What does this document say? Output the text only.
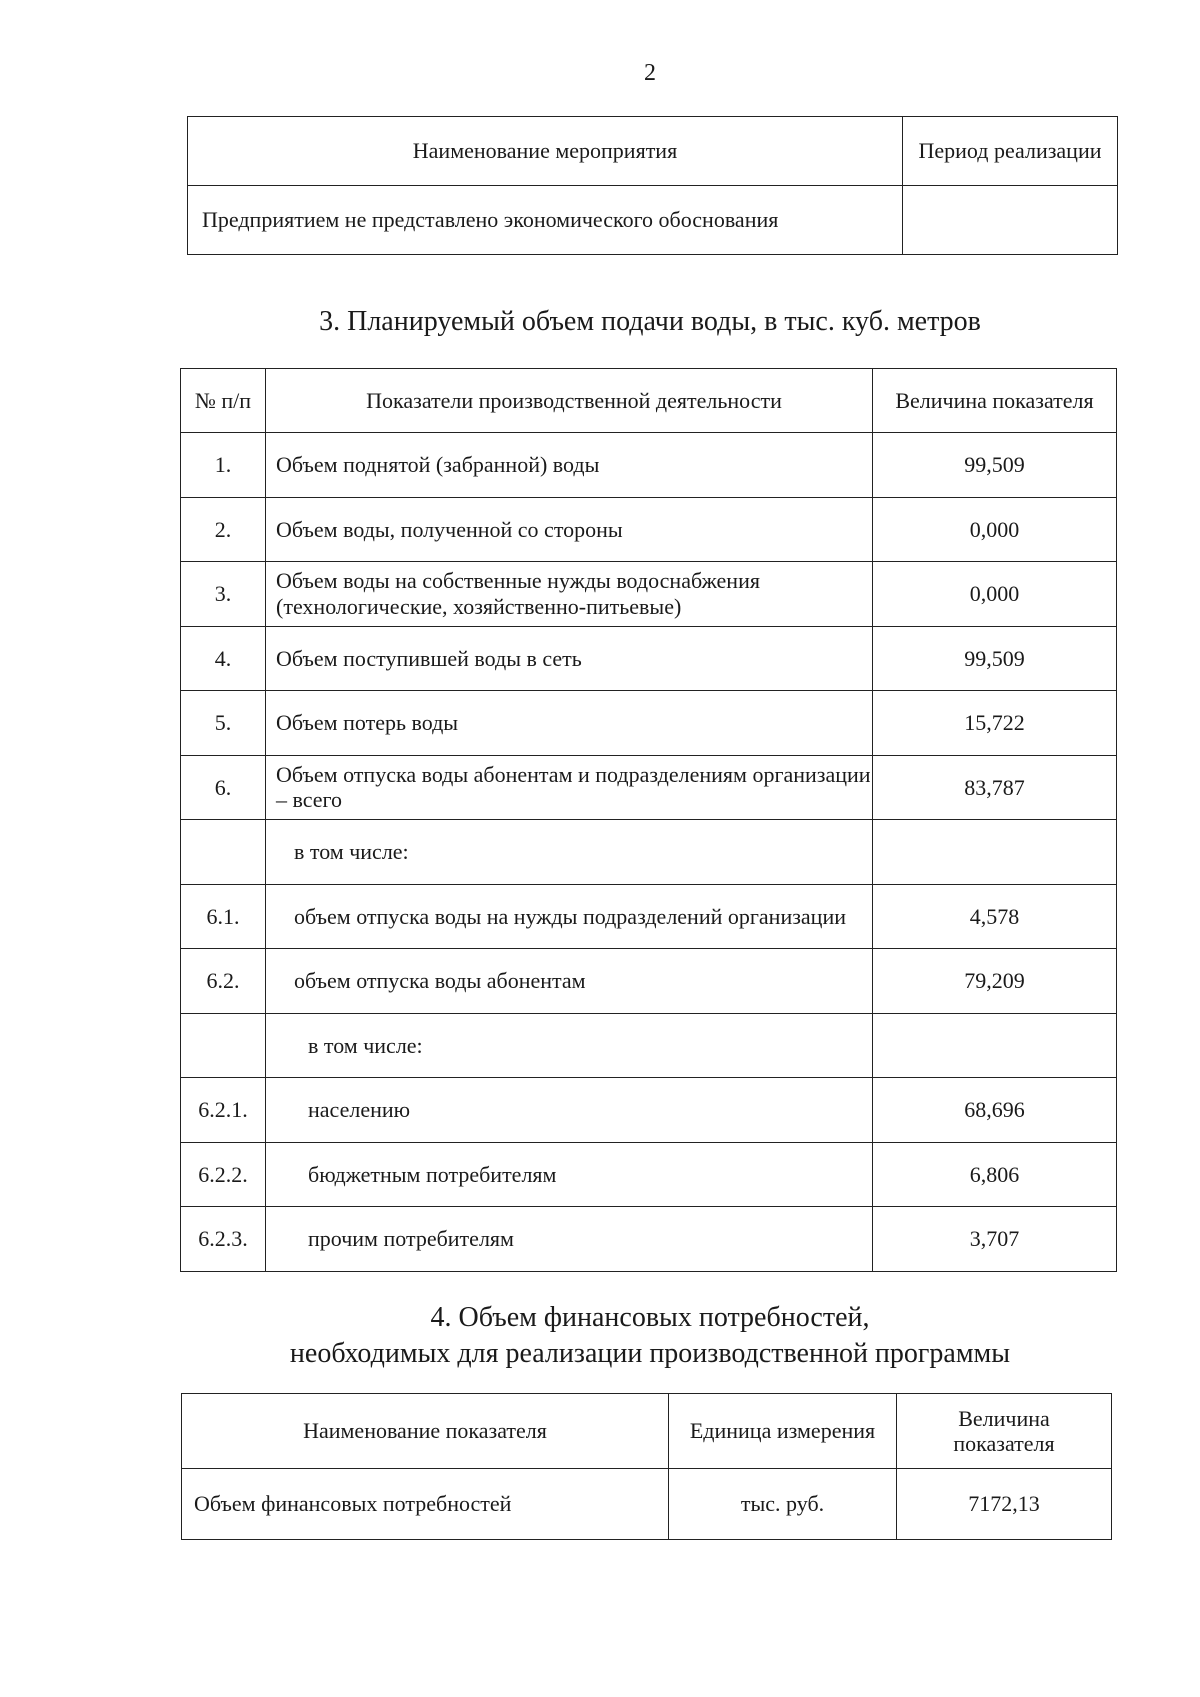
2
Наименование мероприятия	Период реализации
Предприятием не представлено экономического обоснования	
3. Планируемый объем подачи воды, в тыс. куб. метров
№ п/п	Показатели производственной деятельности	Величина показателя
1.	Объем поднятой (забранной) воды	99,509
2.	Объем воды, полученной со стороны	0,000
3.	Объем воды на собственные нужды водоснабжения (технологические, хозяйственно-питьевые)	0,000
4.	Объем поступившей воды в сеть	99,509
5.	Объем потерь воды	15,722
6.	Объем отпуска воды абонентам и подразделениям организации – всего	83,787
	в том числе:	
6.1.	объем отпуска воды на нужды подразделений организации	4,578
6.2.	объем отпуска воды абонентам	79,209
	в том числе:	
6.2.1.	населению	68,696
6.2.2.	бюджетным потребителям	6,806
6.2.3.	прочим потребителям	3,707
4. Объем финансовых потребностей,
необходимых для реализации производственной программы
Наименование показателя	Единица измерения	Величина показателя
Объем финансовых потребностей	тыс. руб.	7172,13
